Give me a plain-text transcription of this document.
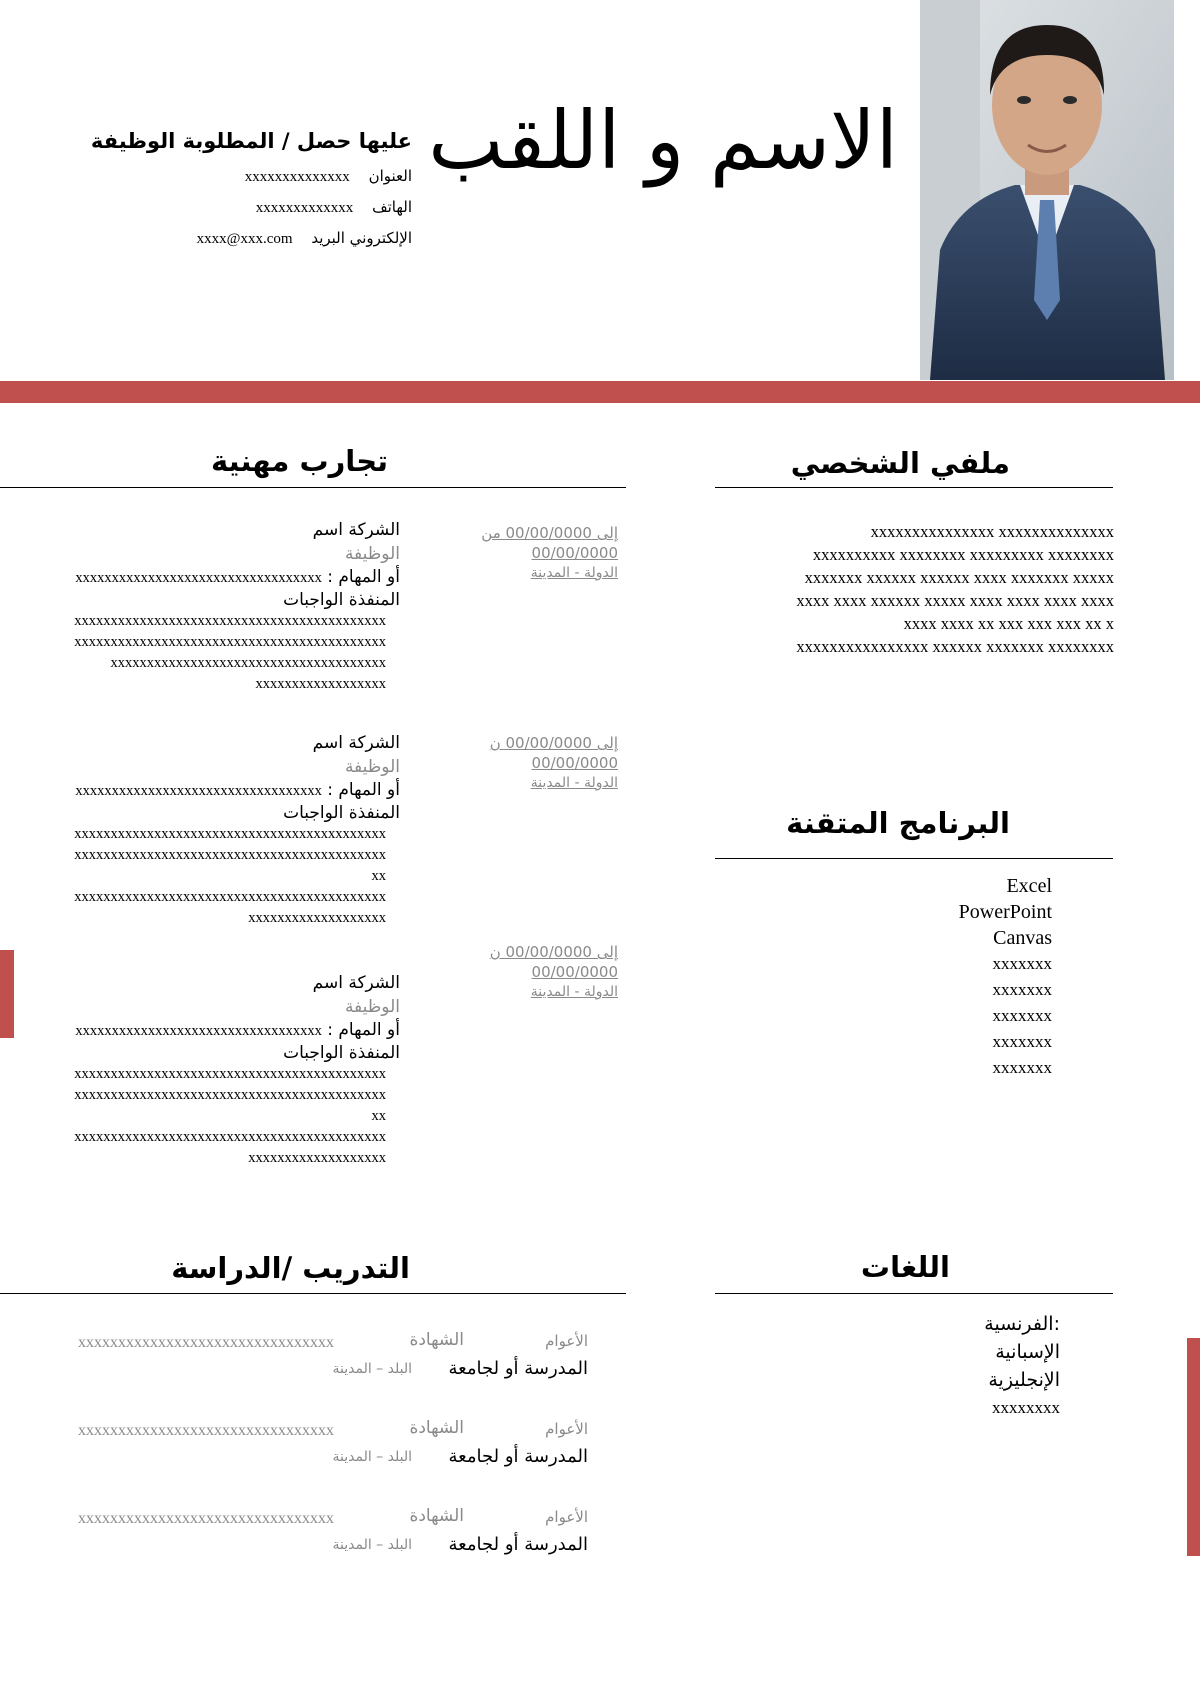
الاسم و اللقب
عليها حصل / المطلوبة الوظيفة
العنوان xxxxxxxxxxxxxx
الهاتف xxxxxxxxxxxxx
الإلكتروني البريد xxxx@xxx.com
ملفي الشخصي
xxxxxxxxxxxxxxx xxxxxxxxxxxxxx
xxxxxxxxxx xxxxxxxx xxxxxxxxx xxxxxxxx
xxxxxxx xxxxxx xxxxxx xxxx xxxxxxx xxxxx
xxxx xxxx xxxxxx xxxxx xxxx xxxx xxxx xxxx
xxxx xxxx xx xxx xxx xxx xx x
xxxxxxxxxxxxxxxx xxxxxx xxxxxxx xxxxxxxx
تجارب مهنية
إلى 00/00/0000 من
00/00/0000
الدولة - المدينة
الشركة اسم
الوظيفة
أو المهام : xxxxxxxxxxxxxxxxxxxxxxxxxxxxxxxxxx
المنفذة الواجبات
xxxxxxxxxxxxxxxxxxxxxxxxxxxxxxxxxxxxxxxxxxx
xxxxxxxxxxxxxxxxxxxxxxxxxxxxxxxxxxxxxxxxxxx
xxxxxxxxxxxxxxxxxxxxxxxxxxxxxxxxxxxxxx
xxxxxxxxxxxxxxxxxx
إلى 00/00/0000 ن
00/00/0000
الدولة - المدينة
الشركة اسم
الوظيفة
أو المهام : xxxxxxxxxxxxxxxxxxxxxxxxxxxxxxxxxx
المنفذة الواجبات
xxxxxxxxxxxxxxxxxxxxxxxxxxxxxxxxxxxxxxxxxxx
xxxxxxxxxxxxxxxxxxxxxxxxxxxxxxxxxxxxxxxxxxx
xx
xxxxxxxxxxxxxxxxxxxxxxxxxxxxxxxxxxxxxxxxxxx
xxxxxxxxxxxxxxxxxxx
إلى 00/00/0000 ن
00/00/0000
الدولة - المدينة
الشركة اسم
الوظيفة
أو المهام : xxxxxxxxxxxxxxxxxxxxxxxxxxxxxxxxxx
المنفذة الواجبات
xxxxxxxxxxxxxxxxxxxxxxxxxxxxxxxxxxxxxxxxxxx
xxxxxxxxxxxxxxxxxxxxxxxxxxxxxxxxxxxxxxxxxxx
xx
xxxxxxxxxxxxxxxxxxxxxxxxxxxxxxxxxxxxxxxxxxx
xxxxxxxxxxxxxxxxxxx
البرنامج المتقنة
Excel
PowerPoint
Canvas
xxxxxxx
xxxxxxx
xxxxxxx
xxxxxxx
xxxxxxx
التدريب /الدراسة
الأعوام
الشهادة
xxxxxxxxxxxxxxxxxxxxxxxxxxxxxxxx
المدرسة أو لجامعة
البلد – المدينة
الأعوام
الشهادة
xxxxxxxxxxxxxxxxxxxxxxxxxxxxxxxx
المدرسة أو لجامعة
البلد – المدينة
الأعوام
الشهادة
xxxxxxxxxxxxxxxxxxxxxxxxxxxxxxxx
المدرسة أو لجامعة
البلد – المدينة
اللغات
:الفرنسية
الإسبانية
الإنجليزية
xxxxxxxx
